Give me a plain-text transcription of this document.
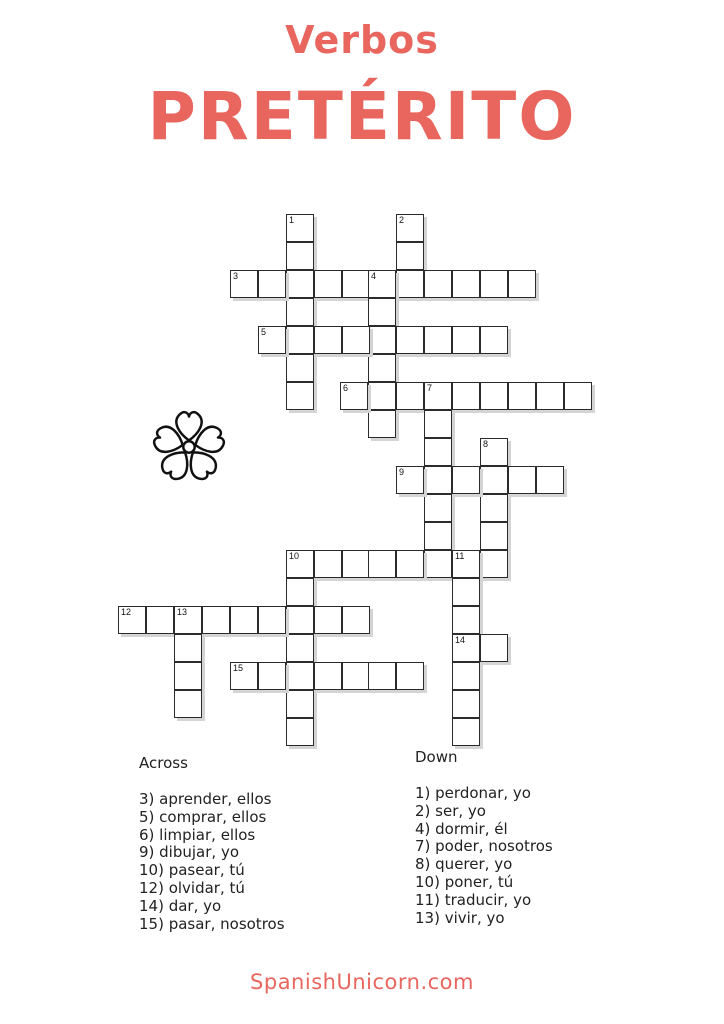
Verbos
PRETÉRITO
1	2
3	4
5
6	7
8
9
10	11
14
12	13
15
Across
3) aprender, ellos
5) comprar, ellos
6) limpiar, ellos
9) dibujar, yo
10) pasear, tú
12) olvidar, tú
14) dar, yo
15) pasar, nosotros
Down
1) perdonar, yo
2) ser, yo
4) dormir, él
7) poder, nosotros
8) querer, yo
10) poner, tú
11) traducir, yo
13) vivir, yo
SpanishUnicorn.com
